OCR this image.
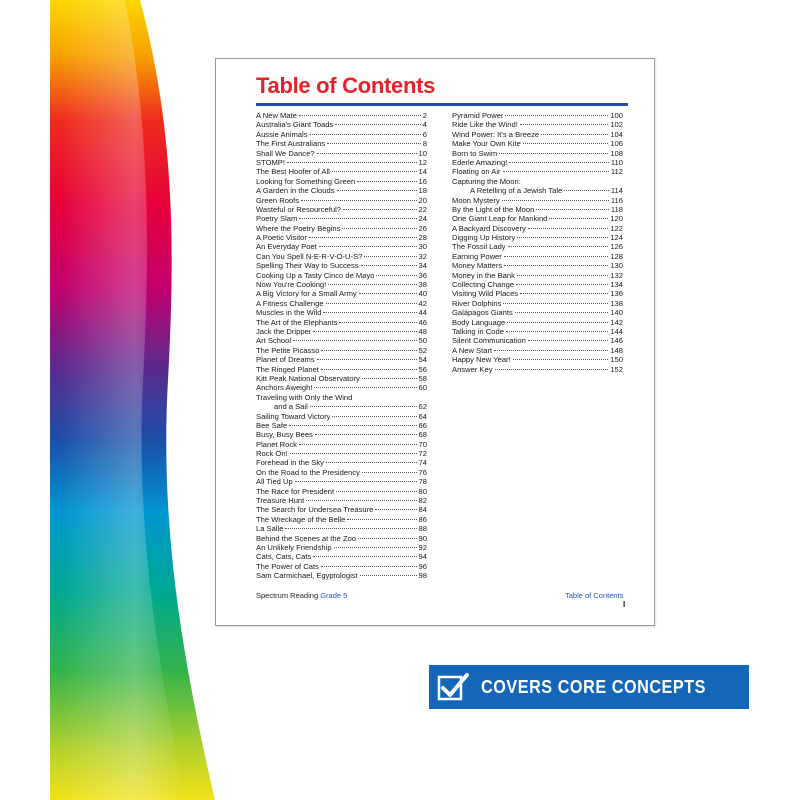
Table of Contents
A New Mate	2
Australia's Giant Toads	4
Aussie Animals	6
The First Australians	8
Shall We Dance?	10
STOMP!	12
The Best Hoofer of All	14
Looking for Something Green	16
A Garden in the Clouds	18
Green Roofs	20
Wasteful or Resourceful?	22
Poetry Slam	24
Where the Poetry Begins	26
A Poetic Visitor	28
An Everyday Poet	30
Can You Spell N-E-R-V-O-U-S?	32
Spelling Their Way to Success	34
Cooking Up a Tasty Cinco de Mayo	36
Now You're Cooking!	38
A Big Victory for a Small Army	40
A Fitness Challenge	42
Muscles in the Wild	44
The Art of the Elephants	46
Jack the Dripper	48
Art School	50
The Petite Picasso	52
Planet of Dreams	54
The Ringed Planet	56
Kitt Peak National Observatory	58
Anchors Aweigh!	60
Traveling with Only the Wind
and a Sail	62
Sailing Toward Victory	64
Bee Safe	66
Busy, Busy Bees	68
Planet Rock	70
Rock On!	72
Forehead in the Sky	74
On the Road to the Presidency	76
All Tied Up	78
The Race for President	80
Treasure Hunt	82
The Search for Undersea Treasure	84
The Wreckage of the Belle	86
La Salle	88
Behind the Scenes at the Zoo	90
An Unlikely Friendship	92
Cats, Cats, Cats	94
The Power of Cats	96
Sam Carmichael, Egyptologist	98
Pyramid Power	100
Ride Like the Wind!	102
Wind Power: It's a Breeze	104
Make Your Own Kite	106
Born to Swim	108
Ederle Amazing!	110
Floating on Air	112
Capturing the Moon:
A Retelling of a Jewish Tale	114
Moon Mystery	116
By the Light of the Moon	118
One Giant Leap for Mankind	120
A Backyard Discovery	122
Digging Up History	124
The Fossil Lady	126
Earning Power	128
Money Matters	130
Money in the Bank	132
Collecting Change	134
Visiting Wild Places	136
River Dolphins	138
Galápagos Giants	140
Body Language	142
Talking in Code	144
Silent Communication	146
A New Start	148
Happy New Year!	150
Answer Key	152
Spectrum Reading Grade 5	Table of Contents
I
COVERS CORE CONCEPTS
